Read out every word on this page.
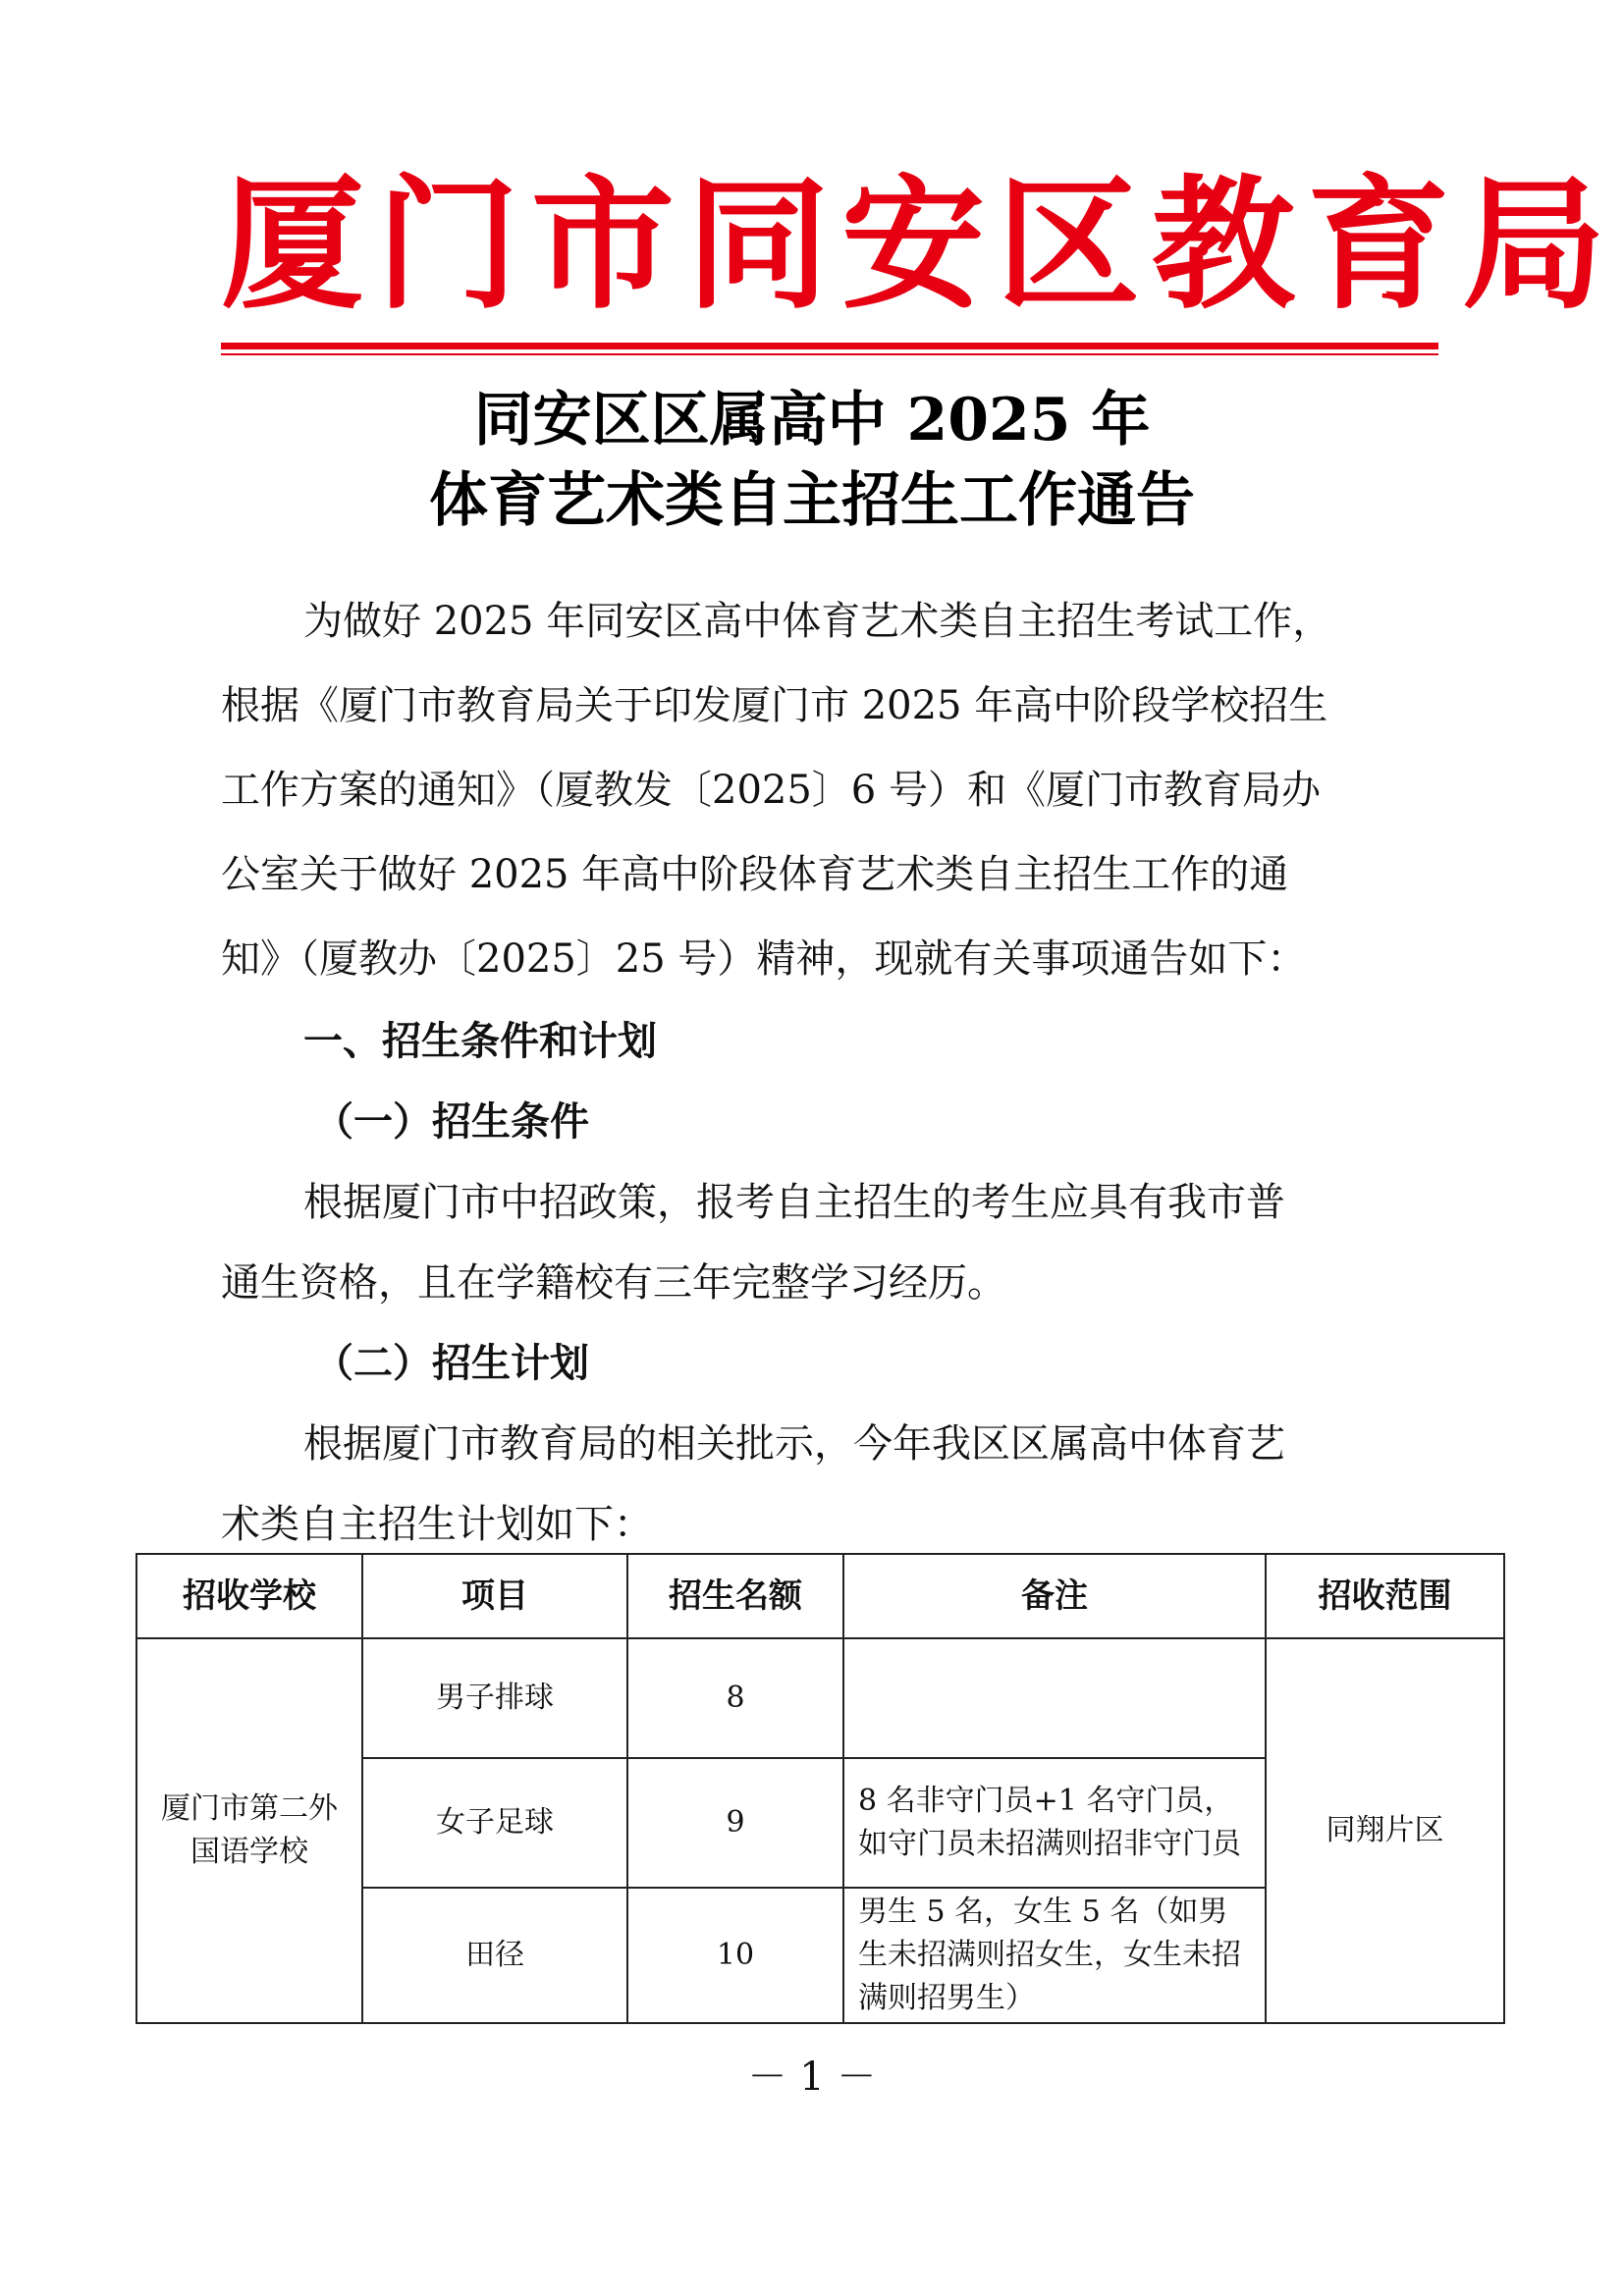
厦门市同安区教育局
同安区区属高中 2025 年
体育艺术类自主招生工作通告
为做好 2025 年同安区高中体育艺术类自主招生考试工作，
根据《厦门市教育局关于印发厦门市 2025 年高中阶段学校招生
工作方案的通知》（厦教发〔2025〕6 号）和《厦门市教育局办
公室关于做好 2025 年高中阶段体育艺术类自主招生工作的通
知》（厦教办〔2025〕25 号）精神，现就有关事项通告如下：
一、招生条件和计划
（一）招生条件
根据厦门市中招政策，报考自主招生的考生应具有我市普
通生资格，且在学籍校有三年完整学习经历。
（二）招生计划
根据厦门市教育局的相关批示，今年我区区属高中体育艺
术类自主招生计划如下：
招收学校	项目	招生名额	备注	招收范围
厦门市第二外国语学校	男子排球	8		同翔片区
	女子足球	9	8 名非守门员+1 名守门员，如守门员未招满则招非守门员	
	田径	10	男生 5 名，女生 5 名（如男生未招满则招女生，女生未招满则招男生）	
－ 1 －
